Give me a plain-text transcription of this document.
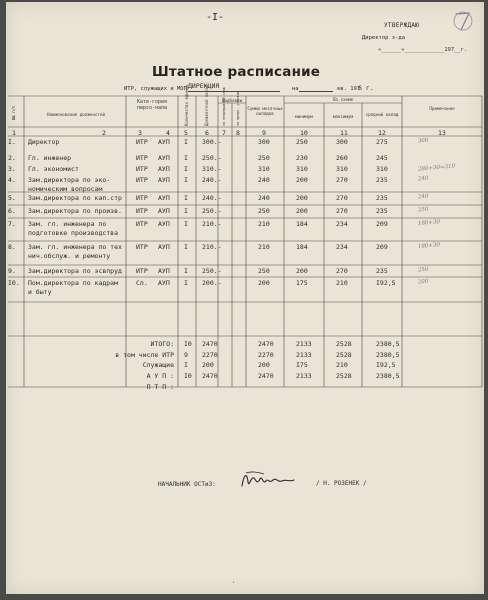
-I-
УТВЕРЖДАЮ
Директор з-да
«______»____________197__г.
Штатное расписание
ИТР, служащих и МОП ДИРЕКЦИЯ	на	кв. 197
6 г.
№№ п/п	Наименование должностей
Кате-гория персо-нала	Количество единиц	Должностной оклад	Надбавки
за непрерывный стаж	за вредн. условия Сумма месячных окладов
По схеме
минимум	максимум	средний оклад
Примечание
1	2	3	4 5	6 7 8	9	10	11	12	13
I. Директор	ИТР АУП I 300.-	300	250	300	275	300
2. Гл. инженер	ИТР АУП I 250.-	250	230	260	245
3. Гл. экономист	ИТР АУП I 310.-	310	310	310	310	280+30=310
4. Зам.директора по эко-
номическим вопросам
ИТР АУП I 240.-	240	200	270	235	240
5. Зам.директора по кап.стр ИТР АУП I 240.-	240	200	270	235	240
6. Зам.директора по произв. ИТР АУП I 250.-	250	200	270	235	250
7. Зам. гл. инженера по
подготовке производства
ИТР АУП I 210.-	210	184	234	209	180+30
8. Зам. гл. инженера по тех
нич.обслуж. и ремонту
ИТР АУП I 210.-	210	184	234	209	180+30
9. Зам.директора по эсвпруд ИТР АУП I 250.-	250	200	270	235	250
I0. Пом.директора по кадрам
и быту
Сл. АУП I 200.-	200	175	210	I92,5	200
ИТОГО: I0 2470	2470	2133	2528	2380,5
в том числе ИТР 9 2270	2270	2133	2528	2380,5
Служащие I 200	200	I75	210	I92,5
А У П : I0 2470	2470	2133	2528	2380,5
П Т П :
НАЧАЛЬНИК ОСТиЗ:	/ Н. РОЗЕНЕК /
•
